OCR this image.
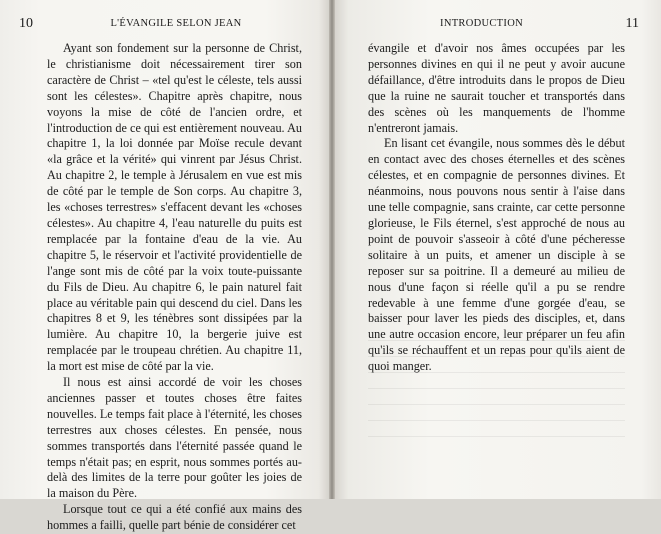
10	L'ÉVANGILE SELON JEAN

Ayant son fondement sur la personne de Christ, le christianisme doit nécessairement tirer son caractère de Christ – «tel qu'est le céleste, tels aussi sont les célestes». Chapitre après chapitre, nous voyons la mise de côté de l'ancien ordre, et l'introduction de ce qui est entièrement nouveau. Au chapitre 1, la loi donnée par Moïse recule devant «la grâce et la vérité» qui vinrent par Jésus Christ. Au chapitre 2, le temple à Jérusalem en vue est mis de côté par le temple de Son corps. Au chapitre 3, les «choses terrestres» s'effacent devant les «choses célestes». Au chapitre 4, l'eau naturelle du puits est remplacée par la fontaine d'eau de la vie. Au chapitre 5, le réservoir et l'activité providentielle de l'ange sont mis de côté par la voix toute-puissante du Fils de Dieu. Au chapitre 6, le pain naturel fait place au véritable pain qui descend du ciel. Dans les chapitres 8 et 9, les ténèbres sont dissipées par la lumière. Au chapitre 10, la bergerie juive est remplacée par le troupeau chrétien. Au chapitre 11, la mort est mise de côté par la vie.

Il nous est ainsi accordé de voir les choses anciennes passer et toutes choses être faites nouvelles. Le temps fait place à l'éternité, les choses terrestres aux choses célestes. En pensée, nous sommes transportés dans l'éternité passée quand le temps n'était pas; en esprit, nous sommes portés au-delà des limites de la terre pour goûter les joies de la maison du Père.

Lorsque tout ce qui a été confié aux mains des hommes a failli, quelle part bénie de considérer cet

INTRODUCTION	11

évangile et d'avoir nos âmes occupées par les personnes divines en qui il ne peut y avoir aucune défaillance, d'être introduits dans le propos de Dieu que la ruine ne saurait toucher et transportés dans des scènes où les manquements de l'homme n'entreront jamais.

En lisant cet évangile, nous sommes dès le début en contact avec des choses éternelles et des scènes célestes, et en compagnie de personnes divines. Et néanmoins, nous pouvons nous sentir à l'aise dans une telle compagnie, sans crainte, car cette personne glorieuse, le Fils éternel, s'est approché de nous au point de pouvoir s'asseoir à côté d'une pécheresse solitaire à un puits, et amener un disciple à se reposer sur sa poitrine. Il a demeuré au milieu de nous d'une façon si réelle qu'il a pu se rendre redevable à une femme d'une gorgée d'eau, se baisser pour laver les pieds des disciples, et, dans une autre occasion encore, leur préparer un feu afin qu'ils se réchauffent et un repas pour qu'ils aient de quoi manger.
